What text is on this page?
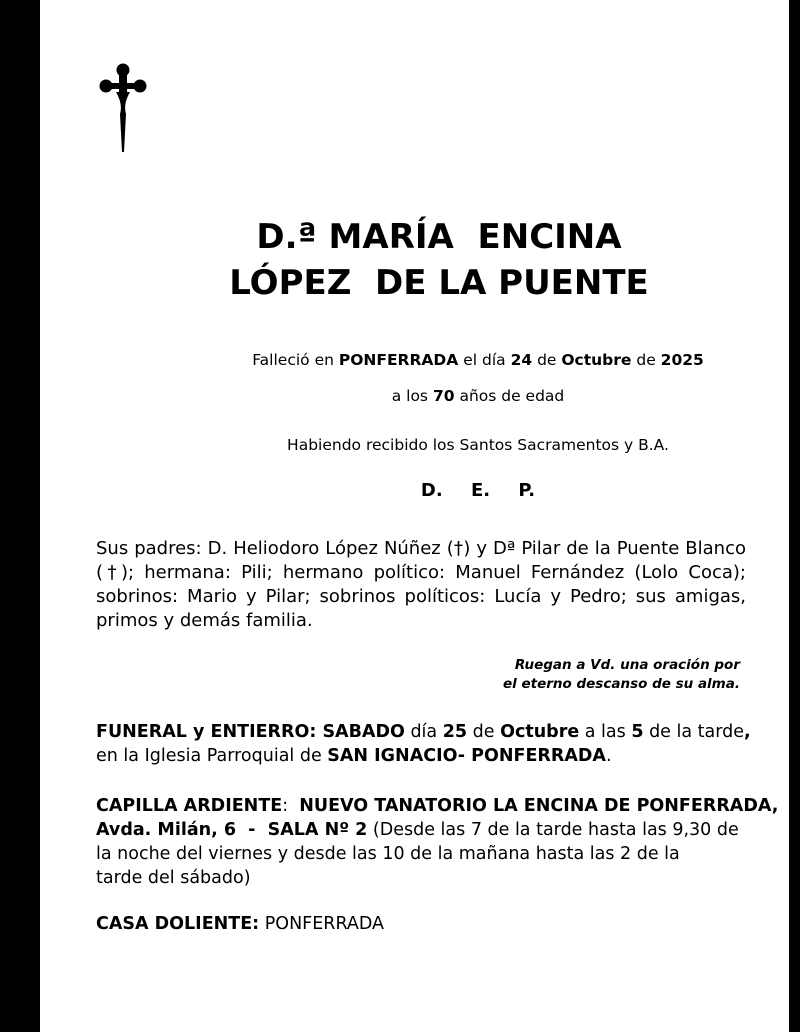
D.ª MARÍA  ENCINA
LÓPEZ  DE LA PUENTE
Falleció en PONFERRADA el día 24 de Octubre de 2025
a los 70 años de edad
Habiendo recibido los Santos Sacramentos y B.A.
D. E. P.
Sus padres: D. Heliodoro López Núñez (†) y Dª Pilar de la Puente Blanco (†); hermana: Pili; hermano político: Manuel Fernández (Lolo Coca); sobrinos: Mario y Pilar; sobrinos políticos: Lucía y Pedro; sus amigas, primos y demás familia.
Ruegan a Vd. una oración por
el eterno descanso de su alma.
FUNERAL y ENTIERRO: SABADO día 25 de Octubre a las 5 de la tarde,
en la Iglesia Parroquial de SAN IGNACIO- PONFERRADA.
CAPILLA ARDIENTE:  NUEVO TANATORIO LA ENCINA DE PONFERRADA,
Avda. Milán, 6  -  SALA Nº 2 (Desde las 7 de la tarde hasta las 9,30 de
la noche del viernes y desde las 10 de la mañana hasta las 2 de la
tarde del sábado)
CASA DOLIENTE: PONFERRADA
